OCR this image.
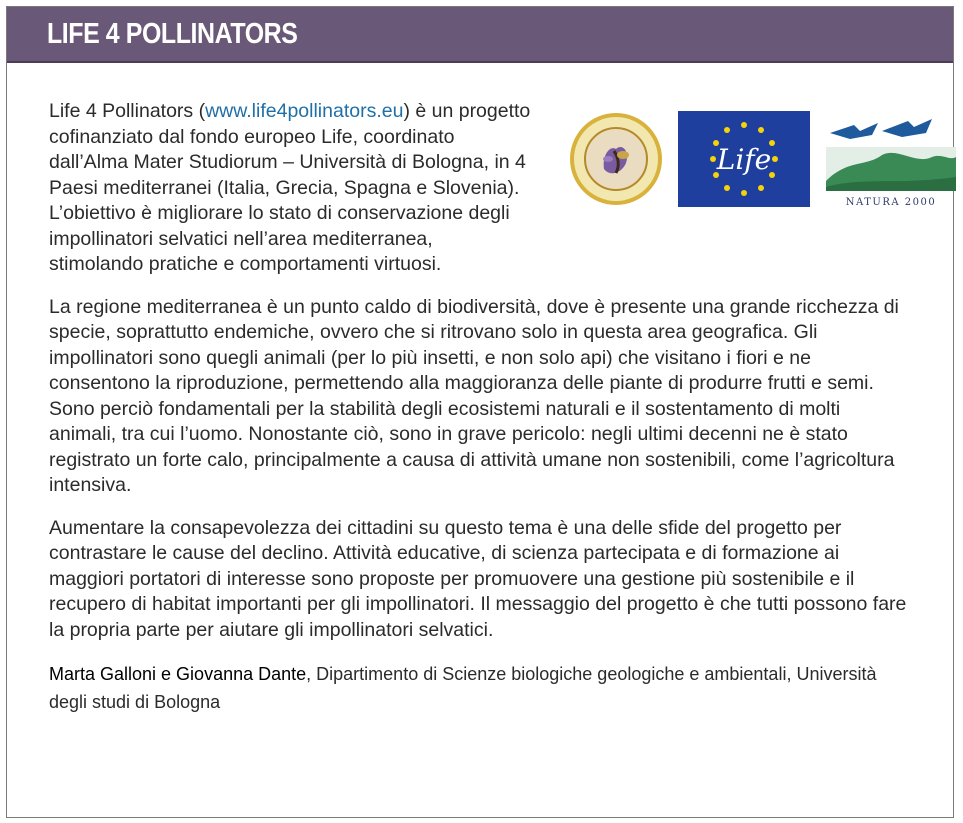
LIFE 4 POLLINATORS
Life
NATURA 2000

Life 4 Pollinators (www.life4pollinators.eu) è un progetto cofinanziato dal fondo europeo Life, coordinato dall’Alma Mater Studiorum – Università di Bologna, in 4 Paesi mediterranei (Italia, Grecia, Spagna e Slovenia). L’obiettivo è migliorare lo stato di conservazione degli impollinatori selvatici nell’area mediterranea, stimolando pratiche e comportamenti virtuosi.

La regione mediterranea è un punto caldo di biodiversità, dove è presente una grande ricchezza di specie, soprattutto endemiche, ovvero che si ritrovano solo in questa area geografica. Gli impollinatori sono quegli animali (per lo più insetti, e non solo api) che visitano i fiori e ne consentono la riproduzione, permettendo alla maggioranza delle piante di produrre frutti e semi. Sono perciò fondamentali per la stabilità degli ecosistemi naturali e il sostentamento di molti animali, tra cui l’uomo. Nonostante ciò, sono in grave pericolo: negli ultimi decenni ne è stato registrato un forte calo, principalmente a causa di attività umane non sostenibili, come l’agricoltura intensiva.

Aumentare la consapevolezza dei cittadini su questo tema è una delle sfide del progetto per contrastare le cause del declino. Attività educative, di scienza partecipata e di formazione ai maggiori portatori di interesse sono proposte per promuovere una gestione più sostenibile e il recupero di habitat importanti per gli impollinatori. Il messaggio del progetto è che tutti possono fare la propria parte per aiutare gli impollinatori selvatici.

Marta Galloni e Giovanna Dante, Dipartimento di Scienze biologiche geologiche e ambientali, Università degli studi di Bologna
